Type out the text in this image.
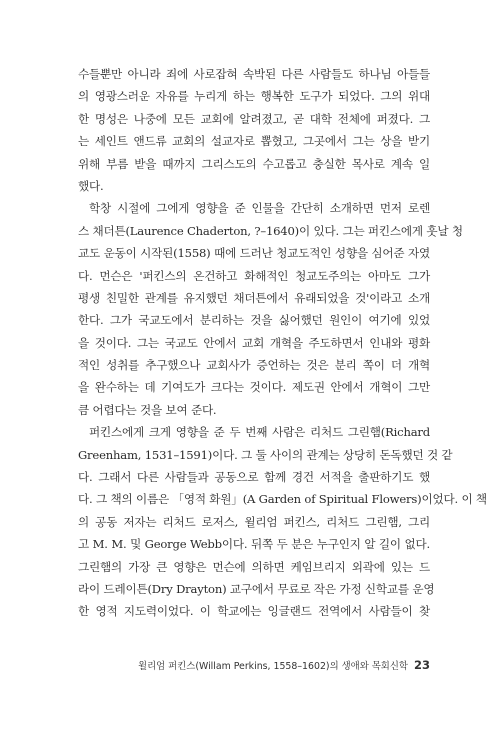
수들뿐만 아니라 죄에 사로잡혀 속박된 다른 사람들도 하나님 아들들
의 영광스러운 자유를 누리게 하는 행복한 도구가 되었다. 그의 위대
한 명성은 나중에 모든 교회에 알려졌고, 곧 대학 전체에 퍼졌다. 그
는 세인트 앤드류 교회의 설교자로 뽑혔고, 그곳에서 그는 상을 받기
위해 부름 받을 때까지 그리스도의 수고롭고 충실한 목사로 계속 일
했다.
학창 시절에 그에게 영향을 준 인물을 간단히 소개하면 먼저 로렌
스 채더튼(Laurence Chaderton, ?–1640)이 있다. 그는 퍼킨스에게 훗날 청
교도 운동이 시작된(1558) 때에 드러난 청교도적인 성향을 심어준 자였
다. 먼슨은 '퍼킨스의 온건하고 화해적인 청교도주의는 아마도 그가
평생 친밀한 관계를 유지했던 채더튼에서 유래되었을 것'이라고 소개
한다. 그가 국교도에서 분리하는 것을 싫어했던 원인이 여기에 있었
을 것이다. 그는 국교도 안에서 교회 개혁을 주도하면서 인내와 평화
적인 성취를 추구했으나 교회사가 증언하는 것은 분리 쪽이 더 개혁
을 완수하는 데 기여도가 크다는 것이다. 제도권 안에서 개혁이 그만
큼 어렵다는 것을 보여 준다.
퍼킨스에게 크게 영향을 준 두 번째 사람은 리처드 그린햄(Richard
Greenham, 1531–1591)이다. 그 둘 사이의 관계는 상당히 돈독했던 것 같
다. 그래서 다른 사람들과 공동으로 함께 경건 서적을 출판하기도 했
다. 그 책의 이름은 「영적 화원」(A Garden of Spiritual Flowers)이었다. 이 책
의 공동 저자는 리처드 로저스, 윌리엄 퍼킨스, 리처드 그린햄, 그리
고 M. M. 및 George Webb이다. 뒤쪽 두 분은 누구인지 알 길이 없다.
그린햄의 가장 큰 영향은 먼슨에 의하면 케임브리지 외곽에 있는 드
라이 드레이튼(Dry Drayton) 교구에서 무료로 작은 가정 신학교를 운영
한 영적 지도력이었다. 이 학교에는 잉글랜드 전역에서 사람들이 찾
윌리엄 퍼킨스(Willam Perkins, 1558–1602)의 생애와 목회신학 23
